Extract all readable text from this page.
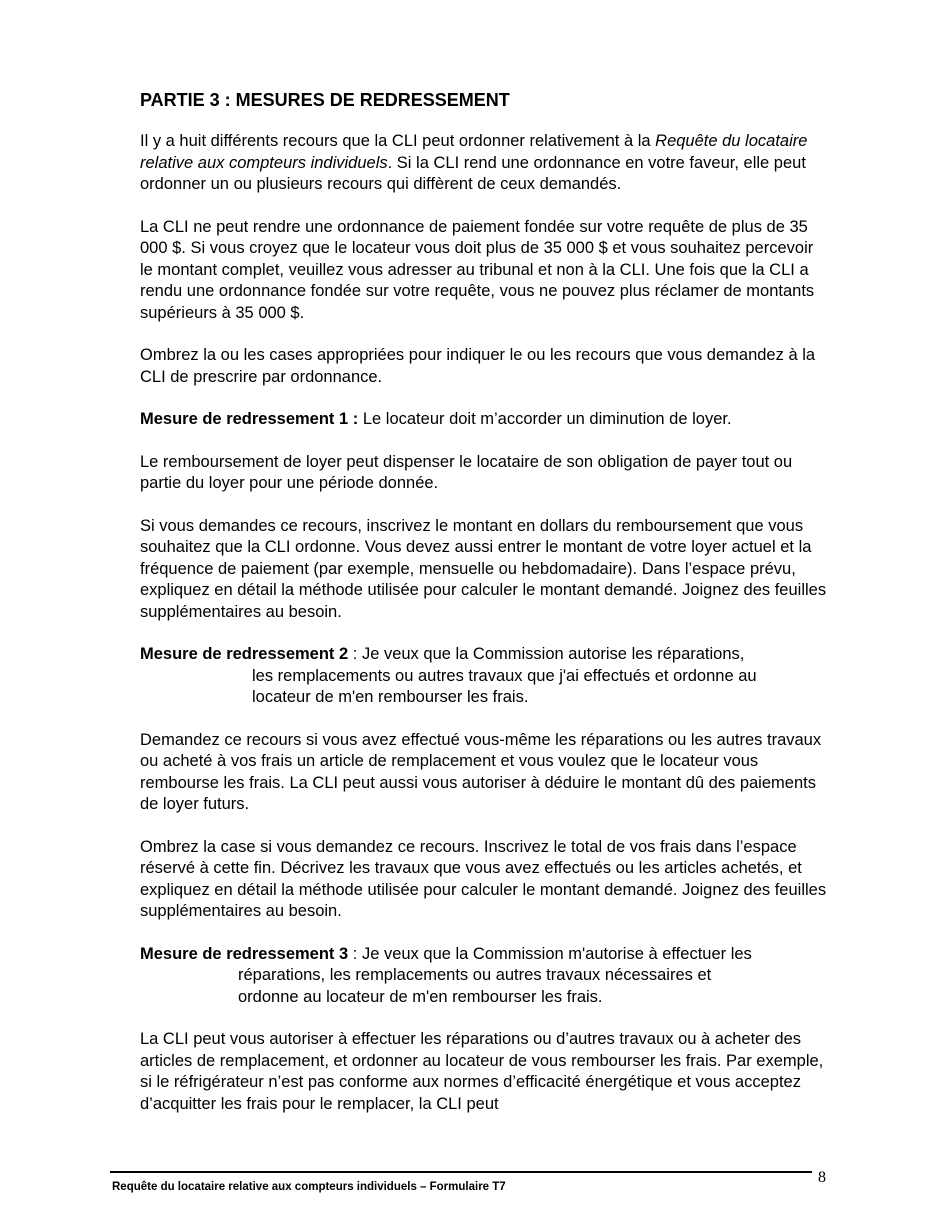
PARTIE 3 : MESURES DE REDRESSEMENT

Il y a huit différents recours que la CLI peut ordonner relativement à la Requête du locataire relative aux compteurs individuels. Si la CLI rend une ordonnance en votre faveur, elle peut ordonner un ou plusieurs recours qui diffèrent de ceux demandés.

La CLI ne peut rendre une ordonnance de paiement fondée sur votre requête de plus de 35 000 $. Si vous croyez que le locateur vous doit plus de 35 000 $ et vous souhaitez percevoir le montant complet, veuillez vous adresser au tribunal et non à la CLI. Une fois que la CLI a rendu une ordonnance fondée sur votre requête, vous ne pouvez plus réclamer de montants supérieurs à 35 000 $.

Ombrez la ou les cases appropriées pour indiquer le ou les recours que vous demandez à la CLI de prescrire par ordonnance.

Mesure de redressement 1 : Le locateur doit m’accorder un diminution de loyer.

Le remboursement de loyer peut dispenser le locataire de son obligation de payer tout ou partie du loyer pour une période donnée.

Si vous demandes ce recours, inscrivez le montant en dollars du remboursement que vous souhaitez que la CLI ordonne. Vous devez aussi entrer le montant de votre loyer actuel et la fréquence de paiement (par exemple, mensuelle ou hebdomadaire). Dans l’espace prévu, expliquez en détail la méthode utilisée pour calculer le montant demandé. Joignez des feuilles supplémentaires au besoin.

Mesure de redressement 2 : Je veux que la Commission autorise les réparations,
les remplacements ou autres travaux que j'ai effectués et ordonne au
locateur de m'en rembourser les frais.

Demandez ce recours si vous avez effectué vous-même les réparations ou les autres travaux ou acheté à vos frais un article de remplacement et vous voulez que le locateur vous rembourse les frais. La CLI peut aussi vous autoriser à déduire le montant dû des paiements de loyer futurs.

Ombrez la case si vous demandez ce recours. Inscrivez le total de vos frais dans l’espace réservé à cette fin. Décrivez les travaux que vous avez effectués ou les articles achetés, et expliquez en détail la méthode utilisée pour calculer le montant demandé. Joignez des feuilles supplémentaires au besoin.

Mesure de redressement 3 : Je veux que la Commission m'autorise à effectuer les
réparations, les remplacements ou autres travaux nécessaires et
ordonne au locateur de m'en rembourser les frais.

La CLI peut vous autoriser à effectuer les réparations ou d’autres travaux ou à acheter des articles de remplacement, et ordonner au locateur de vous rembourser les frais. Par exemple, si le réfrigérateur n’est pas conforme aux normes d’efficacité énergétique et vous acceptez d’acquitter les frais pour le remplacer, la CLI peut

8
Requête du locataire relative aux compteurs individuels – Formulaire T7
